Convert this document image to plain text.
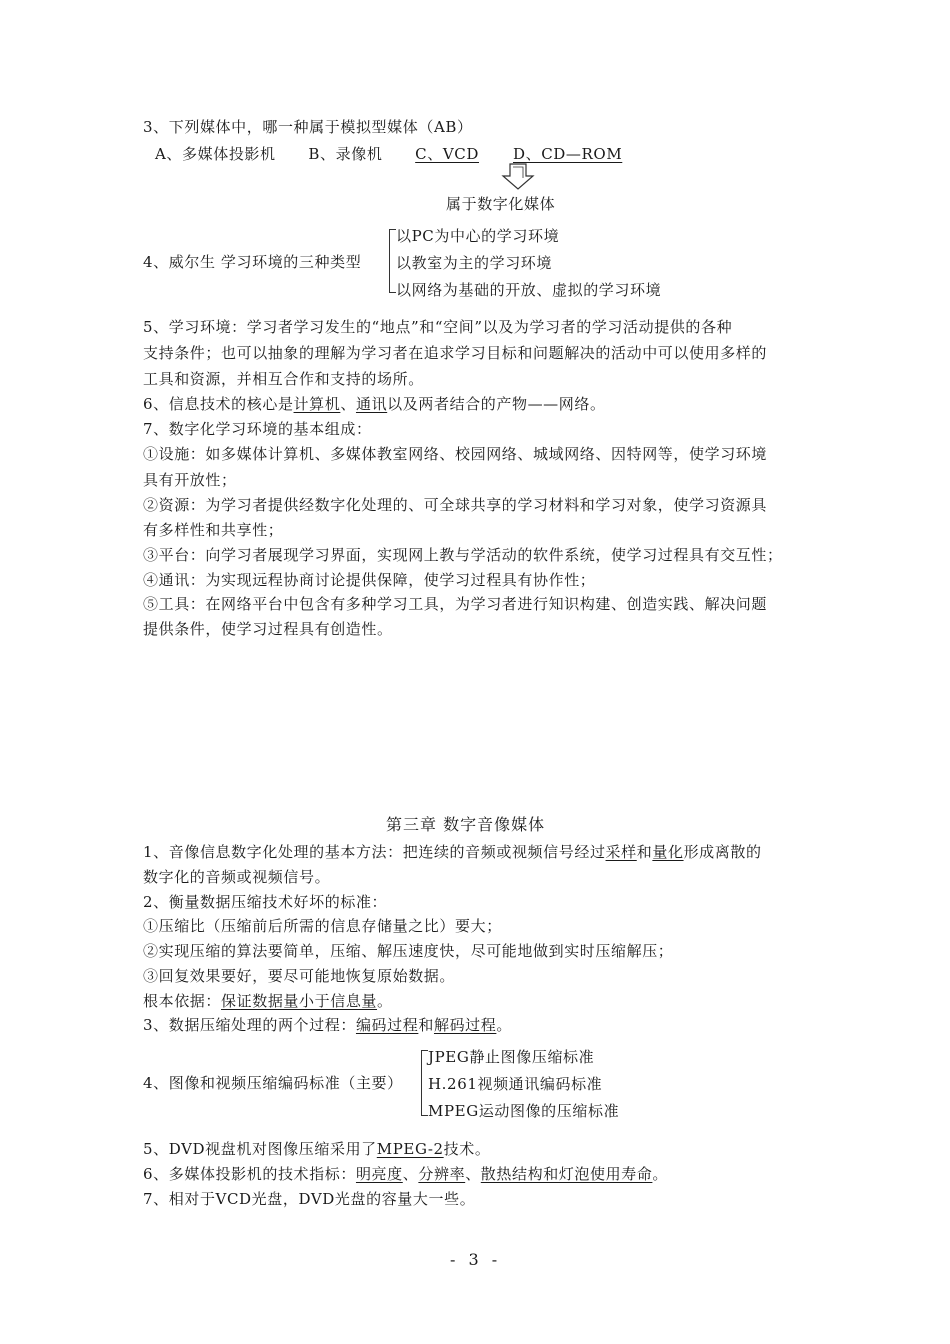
3、下列媒体中，哪一种属于模拟型媒体（AB）
A、多媒体投影机 B、录像机 C、VCD D、CD—ROM
属于数字化媒体
4、威尔生 学习环境的三种类型
以PC为中心的学习环境
以教室为主的学习环境
以网络为基础的开放、虚拟的学习环境
5、学习环境：学习者学习发生的“地点”和“空间”以及为学习者的学习活动提供的各种
支持条件；也可以抽象的理解为学习者在追求学习目标和问题解决的活动中可以使用多样的
工具和资源，并相互合作和支持的场所。
6、信息技术的核心是计算机、通讯以及两者结合的产物——网络。
7、数字化学习环境的基本组成：
①设施：如多媒体计算机、多媒体教室网络、校园网络、城域网络、因特网等，使学习环境
具有开放性；
②资源：为学习者提供经数字化处理的、可全球共享的学习材料和学习对象，使学习资源具
有多样性和共享性；
③平台：向学习者展现学习界面，实现网上教与学活动的软件系统，使学习过程具有交互性；
④通讯：为实现远程协商讨论提供保障，使学习过程具有协作性；
⑤工具：在网络平台中包含有多种学习工具，为学习者进行知识构建、创造实践、解决问题
提供条件，使学习过程具有创造性。
第三章 数字音像媒体
1、音像信息数字化处理的基本方法：把连续的音频或视频信号经过采样和量化形成离散的
数字化的音频或视频信号。
2、衡量数据压缩技术好坏的标准：
①压缩比（压缩前后所需的信息存储量之比）要大；
②实现压缩的算法要简单，压缩、解压速度快，尽可能地做到实时压缩解压；
③回复效果要好，要尽可能地恢复原始数据。
根本依据：保证数据量小于信息量。
3、数据压缩处理的两个过程：编码过程和解码过程。
4、图像和视频压缩编码标准（主要）
JPEG静止图像压缩标准
H.261视频通讯编码标准
MPEG运动图像的压缩标准
5、DVD视盘机对图像压缩采用了MPEG-2技术。
6、多媒体投影机的技术指标：明亮度、分辨率、散热结构和灯泡使用寿命。
7、相对于VCD光盘，DVD光盘的容量大一些。
- 3 -
